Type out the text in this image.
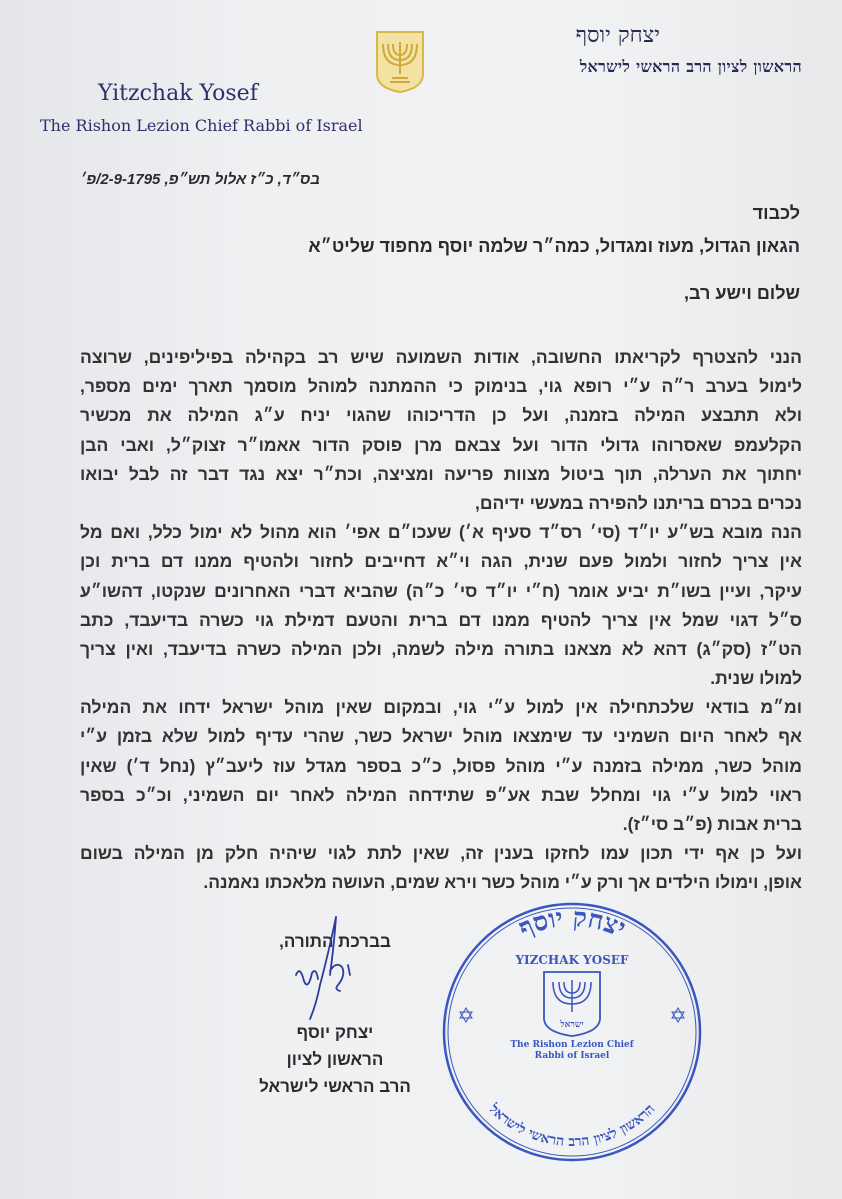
יצחק יוסף
הראשון לציון הרב הראשי לישראל
Yitzchak Yosef
The Rishon Lezion Chief Rabbi of Israel
בס״ד, כ״ז אלול תש״פ, 2-9-1795/פ׳
לכבוד
הגאון הגדול, מעוז ומגדול, כמה״ר שלמה יוסף מחפוד שליט״א
שלום וישע רב,
הנני להצטרף לקריאתו החשובה, אודות השמועה שיש רב בקהילה בפיליפינים, שרוצה
לימול בערב ר״ה ע״י רופא גוי, בנימוק כי ההמתנה למוהל מוסמך תארך ימים מספר,
ולא תתבצע המילה בזמנה, ועל כן הדריכוהו שהגוי יניח ע״ג המילה את מכשיר
הקלעמפ שאסרוהו גדולי הדור ועל צבאם מרן פוסק הדור אאמו״ר זצוק״ל, ואבי הבן
יחתוך את הערלה, תוך ביטול מצוות פריעה ומציצה, וכת״ר יצא נגד דבר זה לבל יבואו
נכרים בכרם בריתנו להפירה במעשי ידיהם,
הנה מובא בש״ע יו״ד (סי׳ רס״ד סעיף א׳) שעכו״ם אפי׳ הוא מהול לא ימול כלל, ואם מל
אין צריך לחזור ולמול פעם שנית, הגה וי״א דחייבים לחזור ולהטיף ממנו דם ברית וכן
עיקר, ועיין בשו״ת יביע אומר (ח״י יו״ד סי׳ כ״ה) שהביא דברי האחרונים שנקטו, דהשו״ע
ס״ל דגוי שמל אין צריך להטיף ממנו דם ברית והטעם דמילת גוי כשרה בדיעבד, כתב
הט״ז (סק״ג) דהא לא מצאנו בתורה מילה לשמה, ולכן המילה כשרה בדיעבד, ואין צריך
למולו שנית.
ומ״מ בודאי שלכתחילה אין למול ע״י גוי, ובמקום שאין מוהל ישראל ידחו את המילה
אף לאחר היום השמיני עד שימצאו מוהל ישראל כשר, שהרי עדיף למול שלא בזמן ע״י
מוהל כשר, ממילה בזמנה ע״י מוהל פסול, כ״כ בספר מגדל עוז ליעב״ץ (נחל ד׳) שאין
ראוי למול ע״י גוי ומחלל שבת אע״פ שתידחה המילה לאחר יום השמיני, וכ״כ בספר
ברית אבות (פ״ב סי״ז).
ועל כן אף ידי תכון עמו לחזקו בענין זה, שאין לתת לגוי שיהיה חלק מן המילה בשום
אופן, וימולו הילדים אך ורק ע״י מוהל כשר וירא שמים, העושה מלאכתו נאמנה.
בברכת התורה,
יצחק יוסף
הראשון לציון
הרב הראשי לישראל
יצחק יוסף
YIZCHAK YOSEF
ישראל
The Rishon Lezion Chief Rabbi of Israel
הראשון לציון הרב הראשי לישראל
